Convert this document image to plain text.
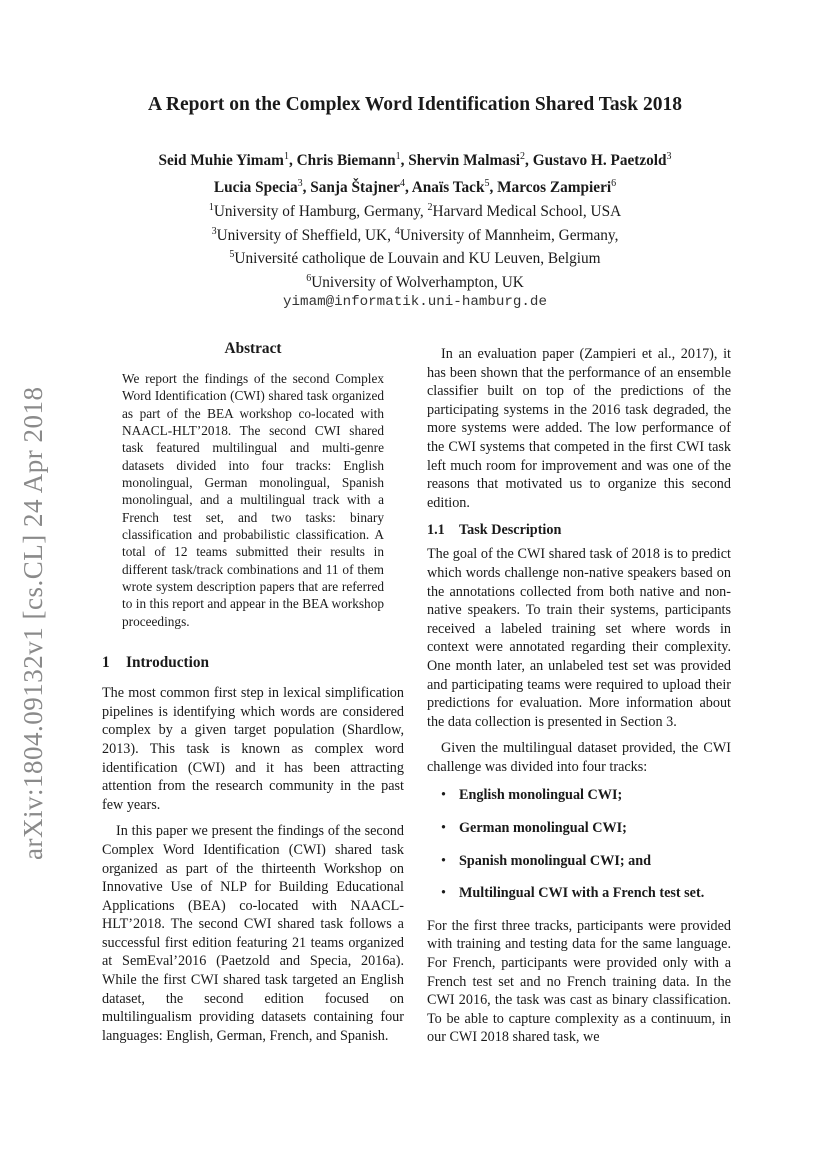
arXiv:1804.09132v1 [cs.CL] 24 Apr 2018
A Report on the Complex Word Identification Shared Task 2018
Seid Muhie Yimam$^1$, Chris Biemann$^1$, Shervin Malmasi$^2$, Gustavo H. Paetzold$^3$
Lucia Specia$^3$, Sanja Štajner$^4$, Anaïs Tack$^5$, Marcos Zampieri$^6$
$^1$University of Hamburg, Germany, $^2$Harvard Medical School, USA
$^3$University of Sheffield, UK, $^4$University of Mannheim, Germany,
$^5$Université catholique de Louvain and KU Leuven, Belgium
$^6$University of Wolverhampton, UK
yimam@informatik.uni-hamburg.de
Abstract

We report the findings of the second Complex Word Identification (CWI) shared task organized as part of the BEA workshop co-located with NAACL-HLT’2018. The second CWI shared task featured multilingual and multi-genre datasets divided into four tracks: English monolingual, German monolingual, Spanish monolingual, and a multilingual track with a French test set, and two tasks: binary classification and probabilistic classification. A total of 12 teams submitted their results in different task/track combinations and 11 of them wrote system description papers that are referred to in this report and appear in the BEA workshop proceedings.

1 Introduction

The most common first step in lexical simplification pipelines is identifying which words are considered complex by a given target population (Shardlow, 2013). This task is known as complex word identification (CWI) and it has been attracting attention from the research community in the past few years.

In this paper we present the findings of the second Complex Word Identification (CWI) shared task organized as part of the thirteenth Workshop on Innovative Use of NLP for Building Educational Applications (BEA) co-located with NAACL-HLT’2018. The second CWI shared task follows a successful first edition featuring 21 teams organized at SemEval’2016 (Paetzold and Specia, 2016a). While the first CWI shared task targeted an English dataset, the second edition focused on multilingualism providing datasets containing four languages: English, German, French, and Spanish.

In an evaluation paper (Zampieri et al., 2017), it has been shown that the performance of an ensemble classifier built on top of the predictions of the participating systems in the 2016 task degraded, the more systems were added. The low performance of the CWI systems that competed in the first CWI task left much room for improvement and was one of the reasons that motivated us to organize this second edition.

1.1 Task Description

The goal of the CWI shared task of 2018 is to predict which words challenge non-native speakers based on the annotations collected from both native and non-native speakers. To train their systems, participants received a labeled training set where words in context were annotated regarding their complexity. One month later, an unlabeled test set was provided and participating teams were required to upload their predictions for evaluation. More information about the data collection is presented in Section 3.

Given the multilingual dataset provided, the CWI challenge was divided into four tracks:

• English monolingual CWI;
• German monolingual CWI;
• Spanish monolingual CWI; and
• Multilingual CWI with a French test set.

For the first three tracks, participants were provided with training and testing data for the same language. For French, participants were provided only with a French test set and no French training data. In the CWI 2016, the task was cast as binary classification. To be able to capture complexity as a continuum, in our CWI 2018 shared task, we
